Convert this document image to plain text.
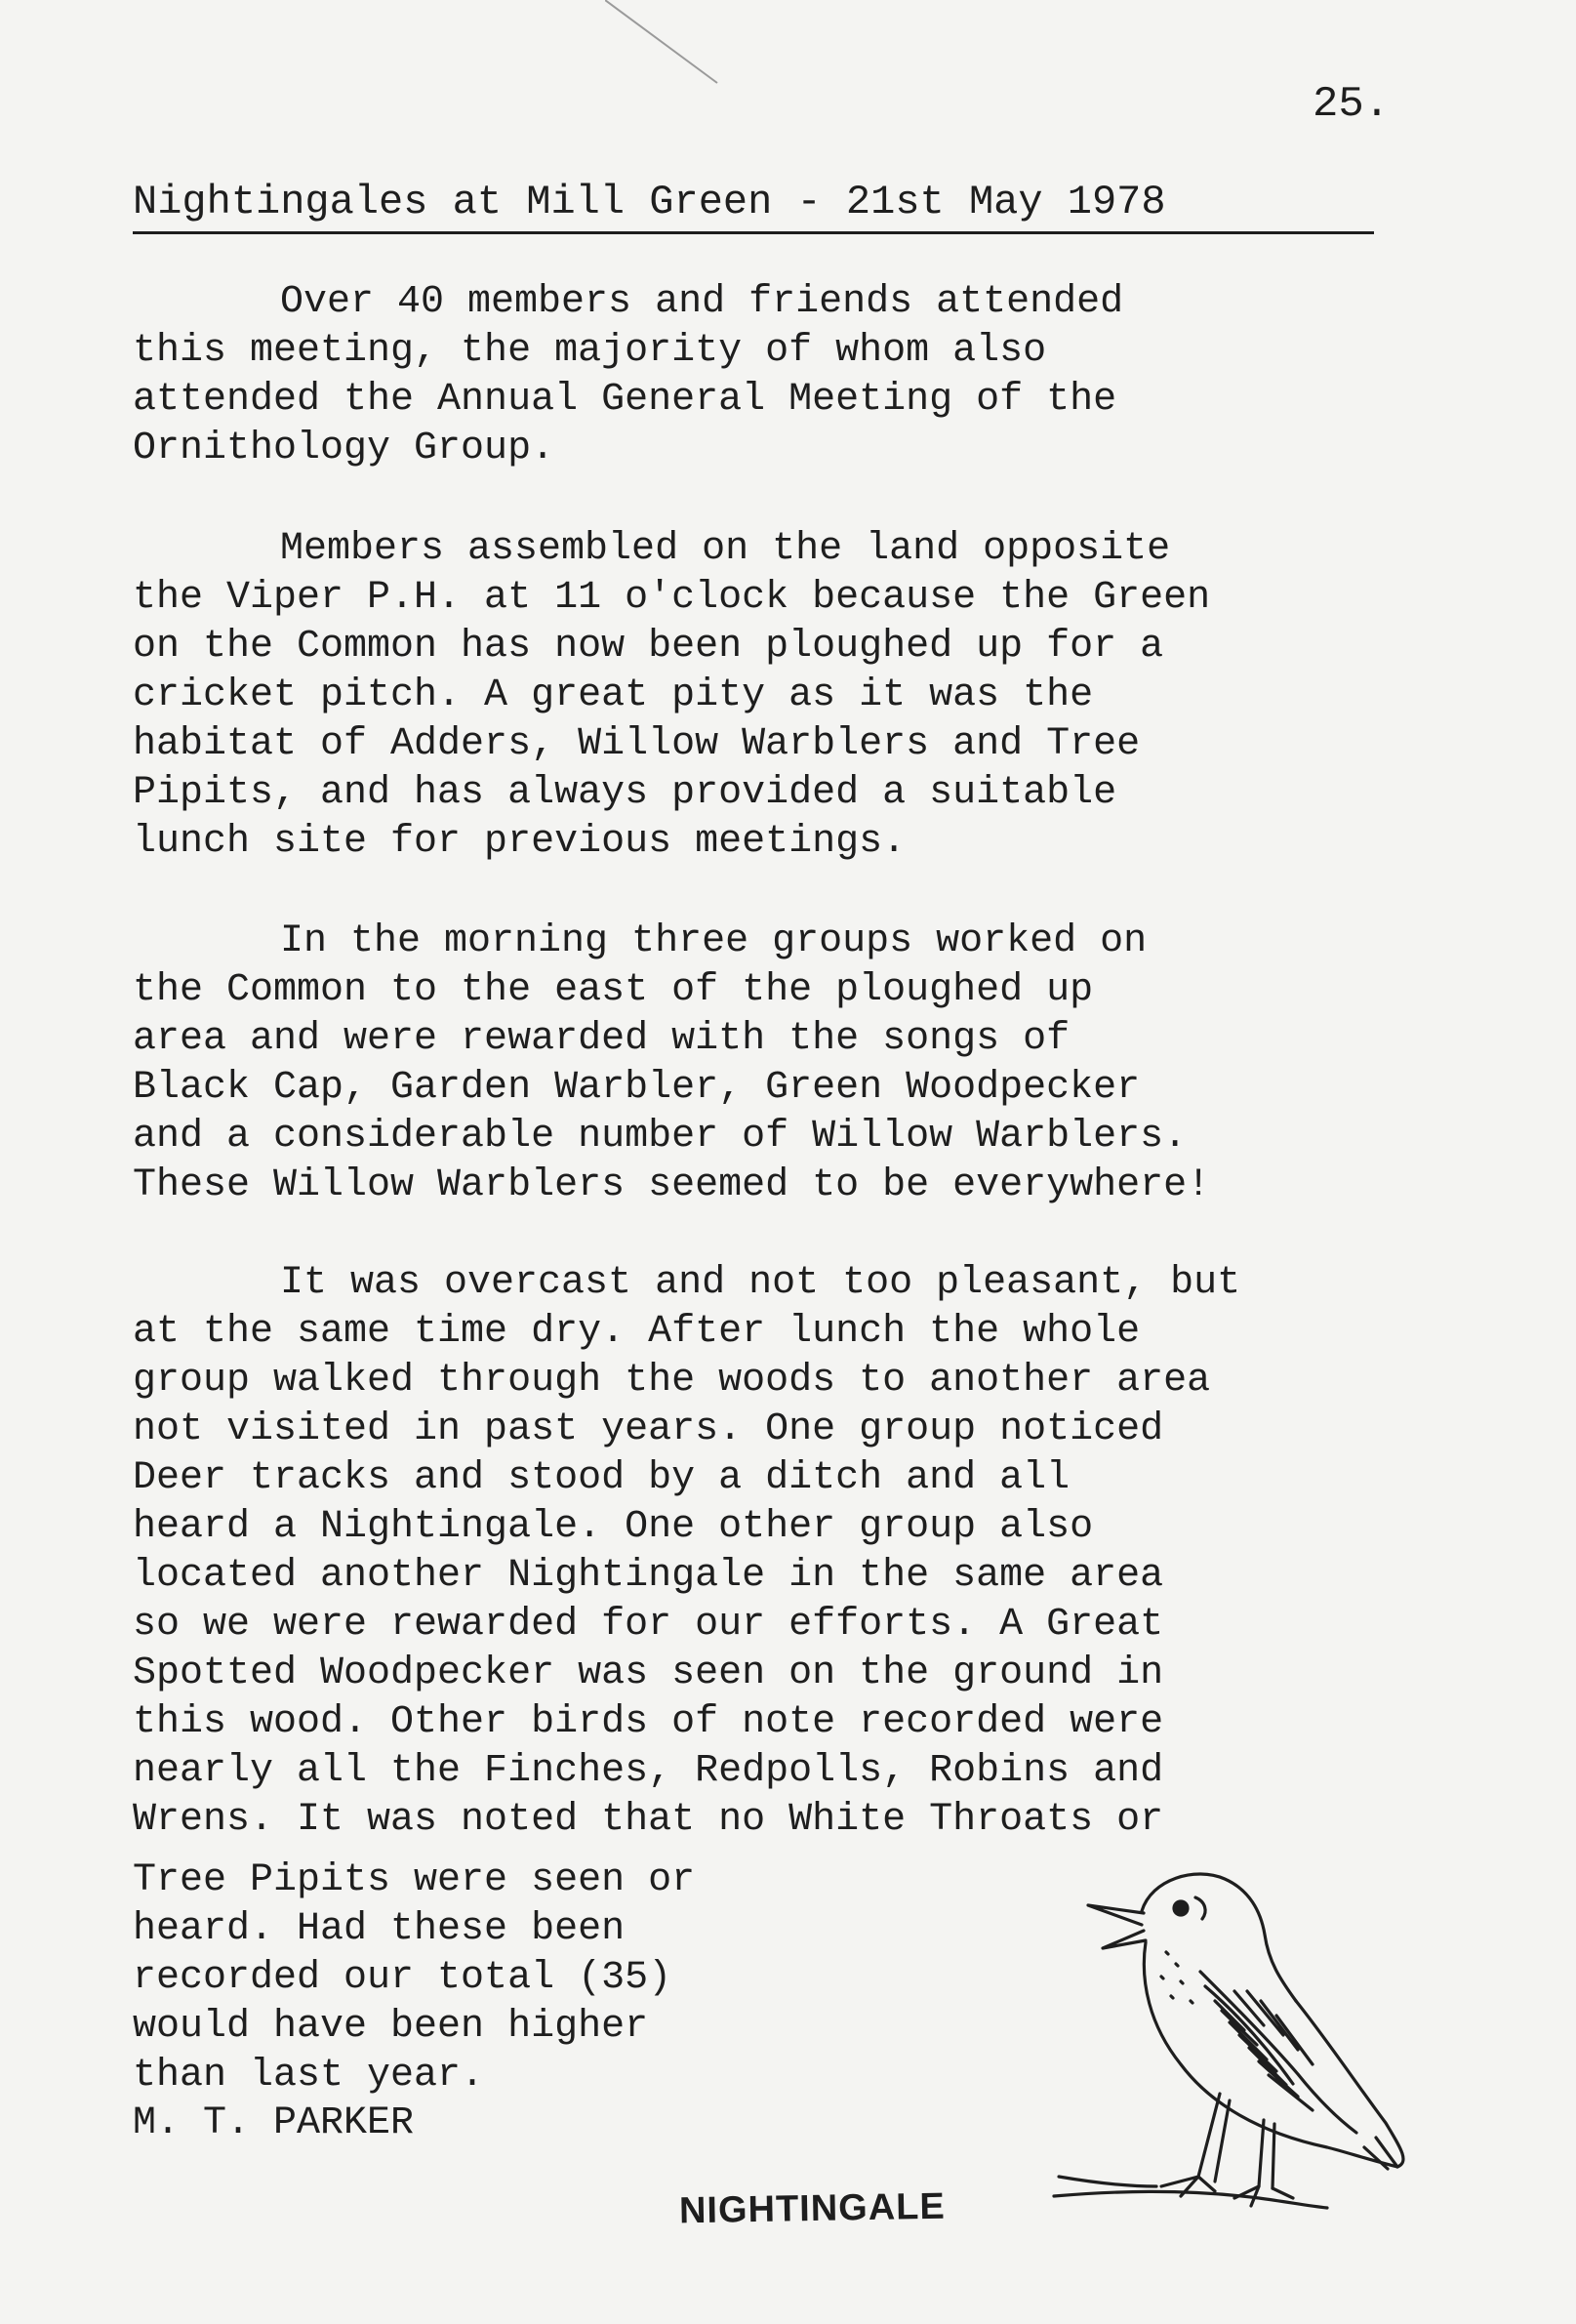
25.
Nightingales at Mill Green - 21st May 1978
Over 40 members and friends attended
this meeting, the majority of whom also
attended the Annual General Meeting of the
Ornithology Group.
Members assembled on the land opposite
the Viper P.H. at 11 o'clock because the Green
on the Common has now been ploughed up for a
cricket pitch. A great pity as it was the
habitat of Adders, Willow Warblers and Tree
Pipits, and has always provided a suitable
lunch site for previous meetings.
In the morning three groups worked on
the Common to the east of the ploughed up
area and were rewarded with the songs of
Black Cap, Garden Warbler, Green Woodpecker
and a considerable number of Willow Warblers.
These Willow Warblers seemed to be everywhere!
It was overcast and not too pleasant, but
at the same time dry. After lunch the whole
group walked through the woods to another area
not visited in past years. One group noticed
Deer tracks and stood by a ditch and all
heard a Nightingale. One other group also
located another Nightingale in the same area
so we were rewarded for our efforts. A Great
Spotted Woodpecker was seen on the ground in
this wood. Other birds of note recorded were
nearly all the Finches, Redpolls, Robins and
Wrens. It was noted that no White Throats or
Tree Pipits were seen or
heard. Had these been
recorded our total (35)
would have been higher
than last year.
M. T. PARKER
NIGHTINGALE
